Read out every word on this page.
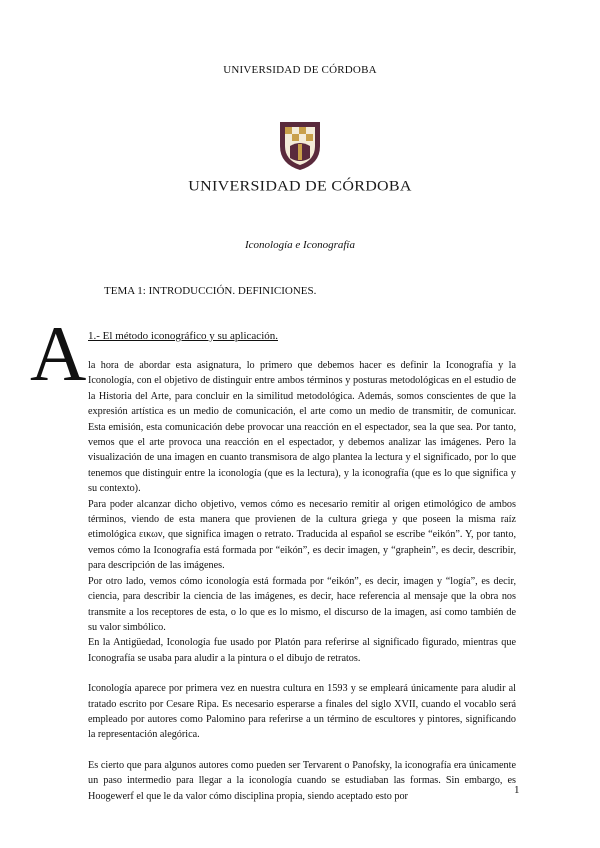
UNIVERSIDAD DE CÓRDOBA
UNIVERSIDAD DE CÓRDOBA
Iconología e Iconografía
TEMA 1: INTRODUCCIÓN. DEFINICIONES.
A 1.- El método iconográfico y su aplicación.

la hora de abordar esta asignatura, lo primero que debemos hacer es definir la Iconografía y la Iconología, con el objetivo de distinguir entre ambos términos y posturas metodológicas en el estudio de la Historia del Arte, para concluir en la similitud metodológica. Además, somos conscientes de que la expresión artística es un medio de comunicación, el arte como un medio de transmitir, de comunicar. Esta emisión, esta comunicación debe provocar una reacción en el espectador, sea la que sea. Por tanto, vemos que el arte provoca una reacción en el espectador, y debemos analizar las imágenes. Pero la visualización de una imagen en cuanto transmisora de algo plantea la lectura y el significado, por lo que tenemos que distinguir entre la iconología (que es la lectura), y la iconografía (que es lo que significa y su contexto).

Para poder alcanzar dicho objetivo, vemos cómo es necesario remitir al origen etimológico de ambos términos, viendo de esta manera que provienen de la cultura griega y que poseen la misma raíz etimológica εικων, que significa imagen o retrato. Traducida al español se escribe “eikón”. Y, por tanto, vemos cómo la Iconografía está formada por “eikón”, es decir imagen, y “graphein”, es decir, describir, para descripción de las imágenes.

Por otro lado, vemos cómo iconología está formada por “eikón”, es decir, imagen y “logía”, es decir, ciencia, para describir la ciencia de las imágenes, es decir, hace referencia al mensaje que la obra nos transmite a los receptores de esta, o lo que es lo mismo, el discurso de la imagen, así como también de su valor simbólico.

En la Antigüedad, Iconología fue usado por Platón para referirse al significado figurado, mientras que Iconografía se usaba para aludir a la pintura o el dibujo de retratos.

Iconología aparece por primera vez en nuestra cultura en 1593 y se empleará únicamente para aludir al tratado escrito por Cesare Ripa. Es necesario esperarse a finales del siglo XVII, cuando el vocablo será empleado por autores como Palomino para referirse a un término de escultores y pintores, significando la representación alegórica.

Es cierto que para algunos autores como pueden ser Tervarent o Panofsky, la iconografía era únicamente un paso intermedio para llegar a la iconología cuando se estudiaban las formas. Sin embargo, es Hoogewerf el que le da valor cómo disciplina propia, siendo aceptado esto por

1
